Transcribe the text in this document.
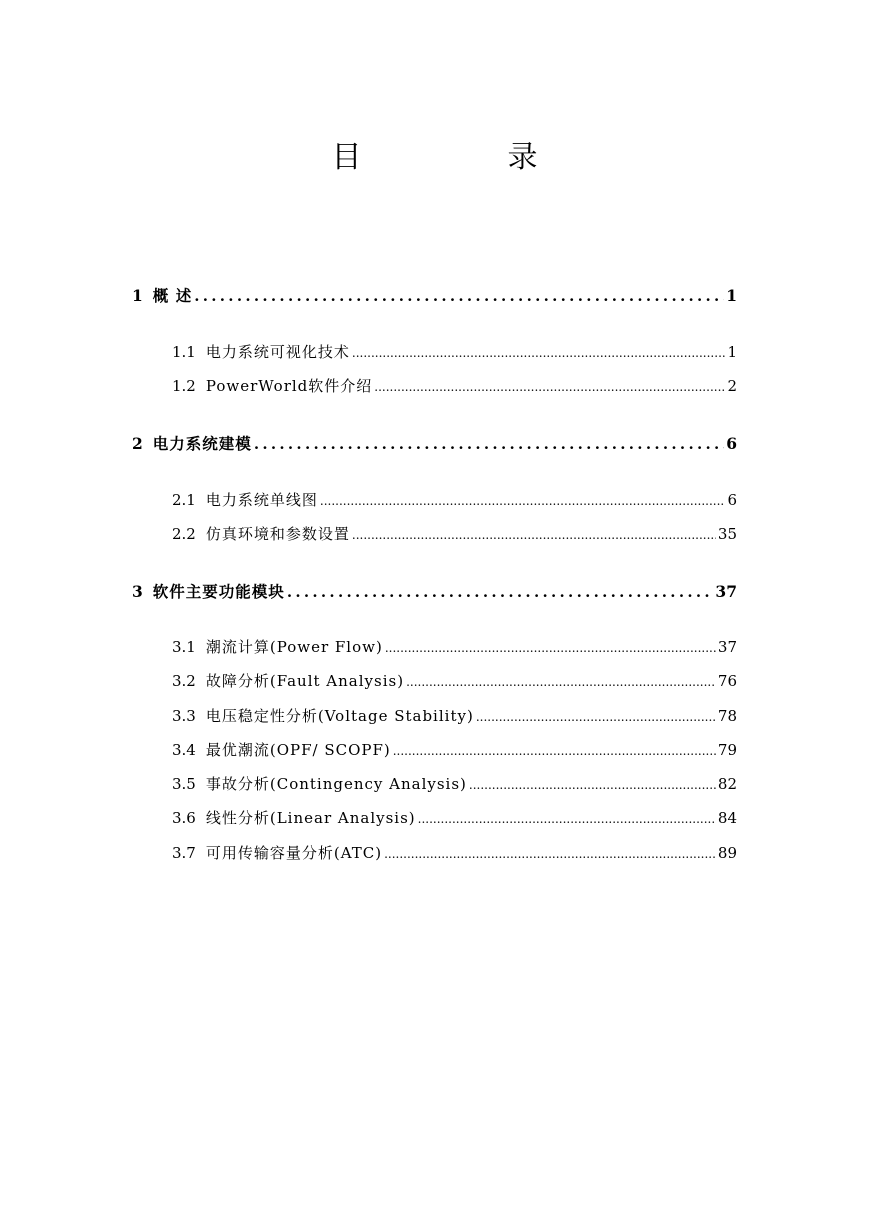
目　录
1 概 述 .....	1
1.1 电力系统可视化技术 .....	1
1.2 PowerWorld软件介绍 .....	2
2 电力系统建模 .....	6
2.1 电力系统单线图 .....	6
2.2 仿真环境和参数设置 .....	35
3 软件主要功能模块 .....	37
3.1 潮流计算(Power Flow) .....	37
3.2 故障分析(Fault Analysis) .....	76
3.3 电压稳定性分析(Voltage Stability) .....	78
3.4 最优潮流(OPF/ SCOPF) .....	79
3.5 事故分析(Contingency Analysis) .....	82
3.6 线性分析(Linear Analysis) .....	84
3.7 可用传输容量分析(ATC) .....	89
